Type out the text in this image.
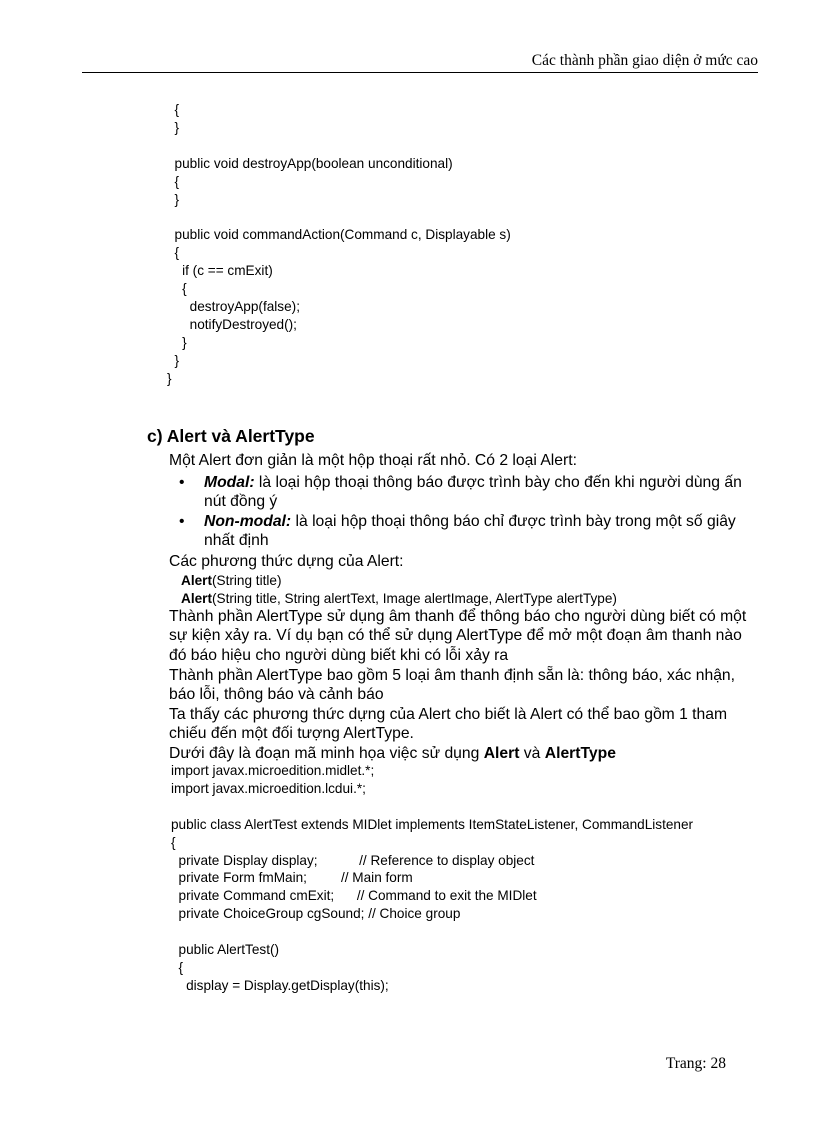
Các thành phần giao diện ở mức cao
{
}

public void destroyApp(boolean unconditional)
{
}

public void commandAction(Command c, Displayable s)
{
if (c == cmExit)
{
destroyApp(false);
notifyDestroyed();
}
}
}
c) Alert và AlertType

Một Alert đơn giản là một hộp thoại rất nhỏ. Có 2 loại Alert:

• Modal: là loại hộp thoại thông báo được trình bày cho đến khi người dùng ấn nút đồng ý
• Non-modal: là loại hộp thoại thông báo chỉ được trình bày trong một số giây nhất định

Các phương thức dựng của Alert:

Alert(String title)
Alert(String title, String alertText, Image alertImage, AlertType alertType)

Thành phần AlertType sử dụng âm thanh để thông báo cho người dùng biết có một sự kiện xảy ra. Ví dụ bạn có thể sử dụng AlertType để mở một đoạn âm thanh nào đó báo hiệu cho người dùng biết khi có lỗi xảy ra

Thành phần AlertType bao gồm 5 loại âm thanh định sẵn là: thông báo, xác nhận, báo lỗi, thông báo và cảnh báo

Ta thấy các phương thức dựng của Alert cho biết là Alert có thể bao gồm 1 tham chiếu đến một đối tượng AlertType.

Dưới đây là đoạn mã minh họa việc sử dụng Alert và AlertType

import javax.microedition.midlet.*;
import javax.microedition.lcdui.*;

public class AlertTest extends MIDlet implements ItemStateListener, CommandListener
{
private Display display;           // Reference to display object
private Form fmMain;         // Main form
private Command cmExit;      // Command to exit the MIDlet
private ChoiceGroup cgSound; // Choice group

public AlertTest()
{
display = Display.getDisplay(this);
Trang: 28
